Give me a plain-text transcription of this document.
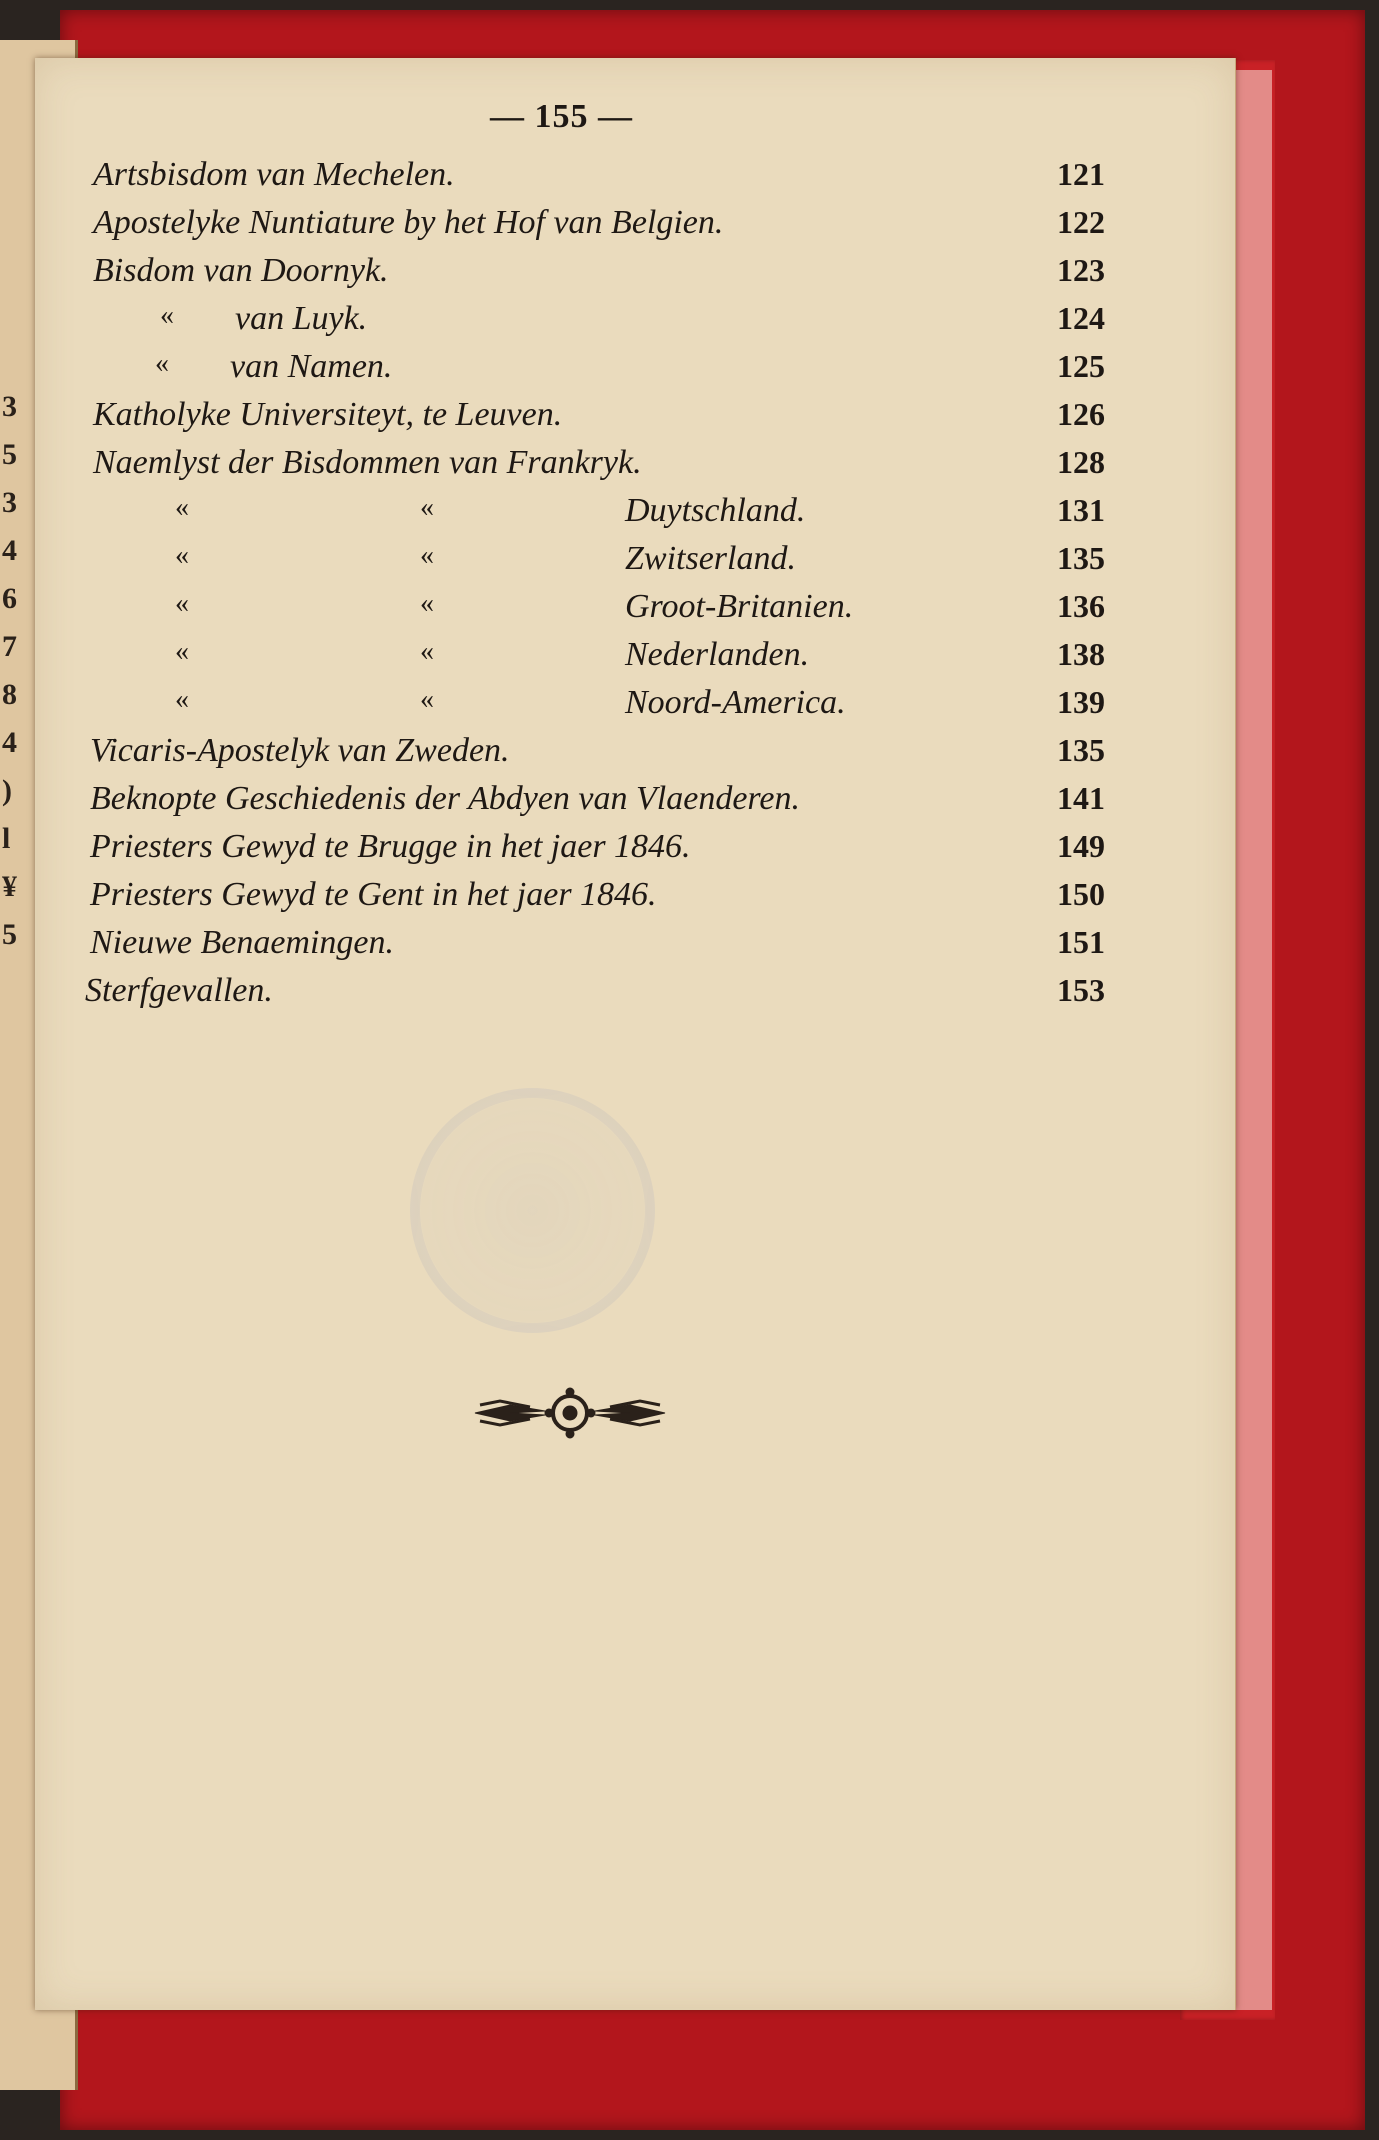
3
5
3
4
6
7
8
4
)
l
¥
5
— 155 —
Artsbisdom van Mechelen.	121
Apostelyke Nuntiature by het Hof van Belgien.	122
Bisdom van Doornyk.	123
« van Luyk.	124
« van Namen.	125
Katholyke Universiteyt, te Leuven.	126
Naemlyst der Bisdommen van Frankryk.	128
«	«	Duytschland.	131
«	«	Zwitserland.	135
«	«	Groot-Britanien.	136
«	«	Nederlanden.	138
«	«	Noord-America.	139
Vicaris-Apostelyk van Zweden.	135
Beknopte Geschiedenis der Abdyen van Vlaenderen.	141
Priesters Gewyd te Brugge in het jaer 1846.	149
Priesters Gewyd te Gent in het jaer 1846.	150
Nieuwe Benaemingen.	151
Sterfgevallen.	153
